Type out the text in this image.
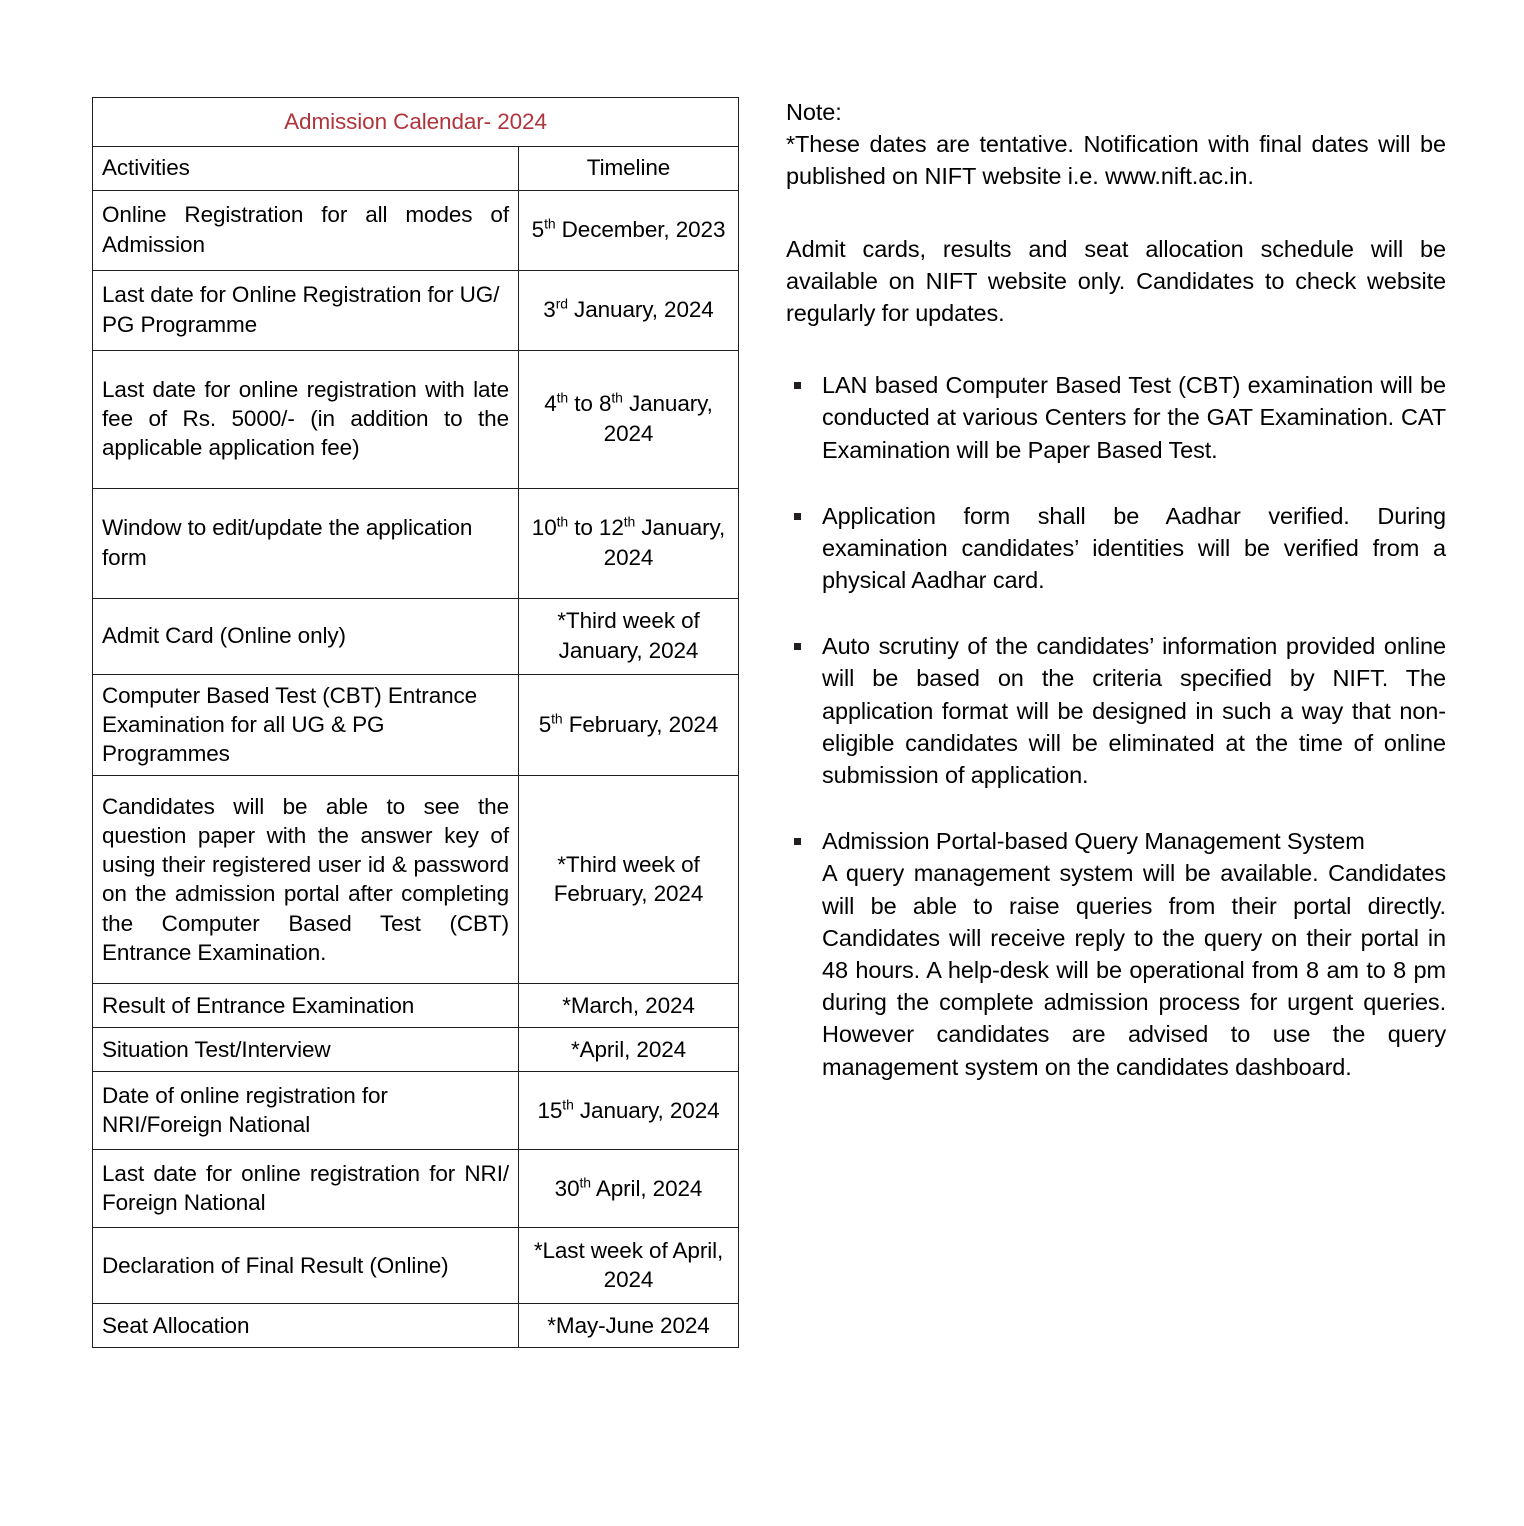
Admission Calendar- 2024	
Activities	Timeline
Online Registration for all modes of Admission	5th December, 2023
Last date for Online Registration for UG/ PG Programme	3rd January, 2024
Last date for online registration with late fee of Rs. 5000/- (in addition to the applicable application fee)	4th to 8th January, 2024
Window to edit/update the application form	10th to 12th January, 2024
Admit Card (Online only)	*Third week of January, 2024
Computer Based Test (CBT) Entrance Examination for all UG & PG Programmes	5th February, 2024
Candidates will be able to see the question paper with the answer key of using their registered user id & password on the admission portal after completing the Computer Based Test (CBT) Entrance Examination.	*Third week of February, 2024
Result of Entrance Examination	*March, 2024
Situation Test/Interview	*April, 2024
Date of online registration for NRI/Foreign National	15th January, 2024
Last date for online registration for NRI/ Foreign National	30th April, 2024
Declaration of Final Result (Online)	*Last week of April, 2024
Seat Allocation	*May-June 2024

Note:

*These dates are tentative. Notification with final dates will be published on NIFT website i.e. www.nift.ac.in.

Admit cards, results and seat allocation schedule will be available on NIFT website only. Candidates to check website regularly for updates.

LAN based Computer Based Test (CBT) examination will be conducted at various Centers for the GAT Examination. CAT Examination will be Paper Based Test.
Application form shall be Aadhar verified. During examination candidates’ identities will be verified from a physical Aadhar card.
Auto scrutiny of the candidates’ information provided online will be based on the criteria specified by NIFT. The application format will be designed in such a way that non-eligible candidates will be eliminated at the time of online submission of application.
Admission Portal-based Query Management System
A query management system will be available. Candidates will be able to raise queries from their portal directly. Candidates will receive reply to the query on their portal in 48 hours. A help-desk will be operational from 8 am to 8 pm during the complete admission process for urgent queries. However candidates are advised to use the query management system on the candidates dashboard.
